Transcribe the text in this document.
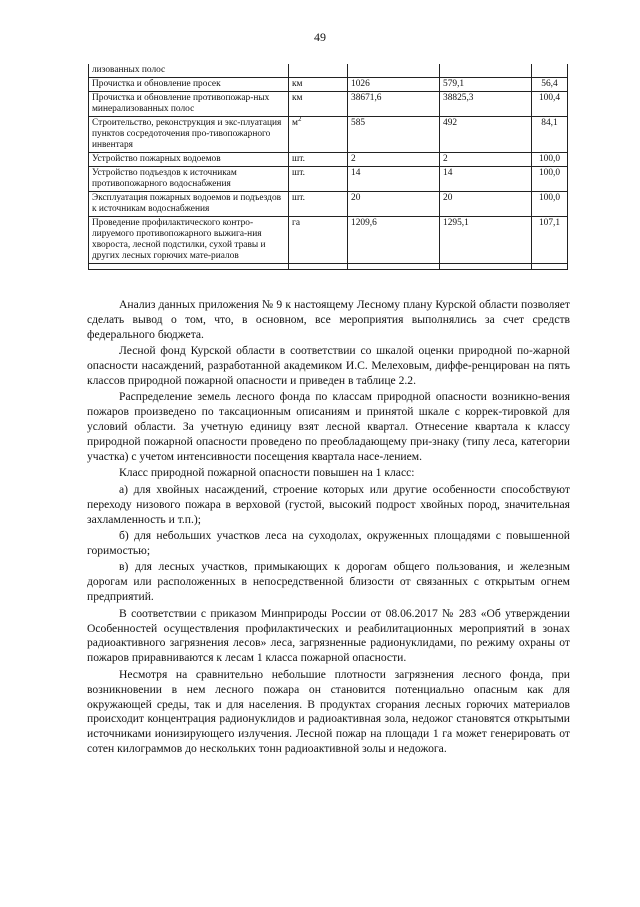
49
лизованных полос				
Прочистка и обновление просек	км	1026	579,1	56,4
Прочистка и обновление противопожар-ных минерализованных полос	км	38671,6	38825,3	100,4
Строительство, реконструкция и экс-плуатация пунктов сосредоточения про-тивопожарного инвентаря	$м^2$	585	492	84,1
Устройство пожарных водоемов	шт.	2	2	100,0
Устройство подъездов к источникам противопожарного водоснабжения	шт.	14	14	100,0
Эксплуатация пожарных водоемов и подъездов к источникам водоснабжения	шт.	20	20	100,0
Проведение профилактического контро-лируемого противопожарного выжига-ния хвороста, лесной подстилки, сухой травы и других лесных горючих мате-риалов	га	1209,6	1295,1	107,1

Анализ данных приложения № 9 к настоящему Лесному плану Курской области позволяет сделать вывод о том, что, в основном, все мероприятия выполнялись за счет средств федерального бюджета.

Лесной фонд Курской области в соответствии со шкалой оценки природной по-жарной опасности насаждений, разработанной академиком И.С. Мелеховым, диффе-ренцирован на пять классов природной пожарной опасности и приведен в таблице 2.2.

Распределение земель лесного фонда по классам природной опасности возникно-вения пожаров произведено по таксационным описаниям и принятой шкале с коррек-тировкой для условий области. За учетную единицу взят лесной квартал. Отнесение квартала к классу природной пожарной опасности проведено по преобладающему при-знаку (типу леса, категории участка) с учетом интенсивности посещения квартала насе-лением.

Класс природной пожарной опасности повышен на 1 класс:

а) для хвойных насаждений, строение которых или другие особенности способствуют переходу низового пожара в верховой (густой, высокий подрост хвойных пород, значительная захламленность и т.п.);

б) для небольших участков леса на суходолах, окруженных площадями с повышенной горимостью;

в) для лесных участков, примыкающих к дорогам общего пользования, и железным дорогам или расположенных в непосредственной близости от связанных с открытым огнем предприятий.

В соответствии с приказом Минприроды России от 08.06.2017 № 283 «Об утверждении Особенностей осуществления профилактических и реабилитационных мероприятий в зонах радиоактивного загрязнения лесов» леса, загрязненные радионуклидами, по режиму охраны от пожаров приравниваются к лесам 1 класса пожарной опасности.

Несмотря на сравнительно небольшие плотности загрязнения лесного фонда, при возникновении в нем лесного пожара он становится потенциально опасным как для окружающей среды, так и для населения. В продуктах сгорания лесных горючих материалов происходит концентрация радионуклидов и радиоактивная зола, недожог становятся открытыми источниками ионизирующего излучения. Лесной пожар на площади 1 га может генерировать от сотен килограммов до нескольких тонн радиоактивной золы и недожога.
